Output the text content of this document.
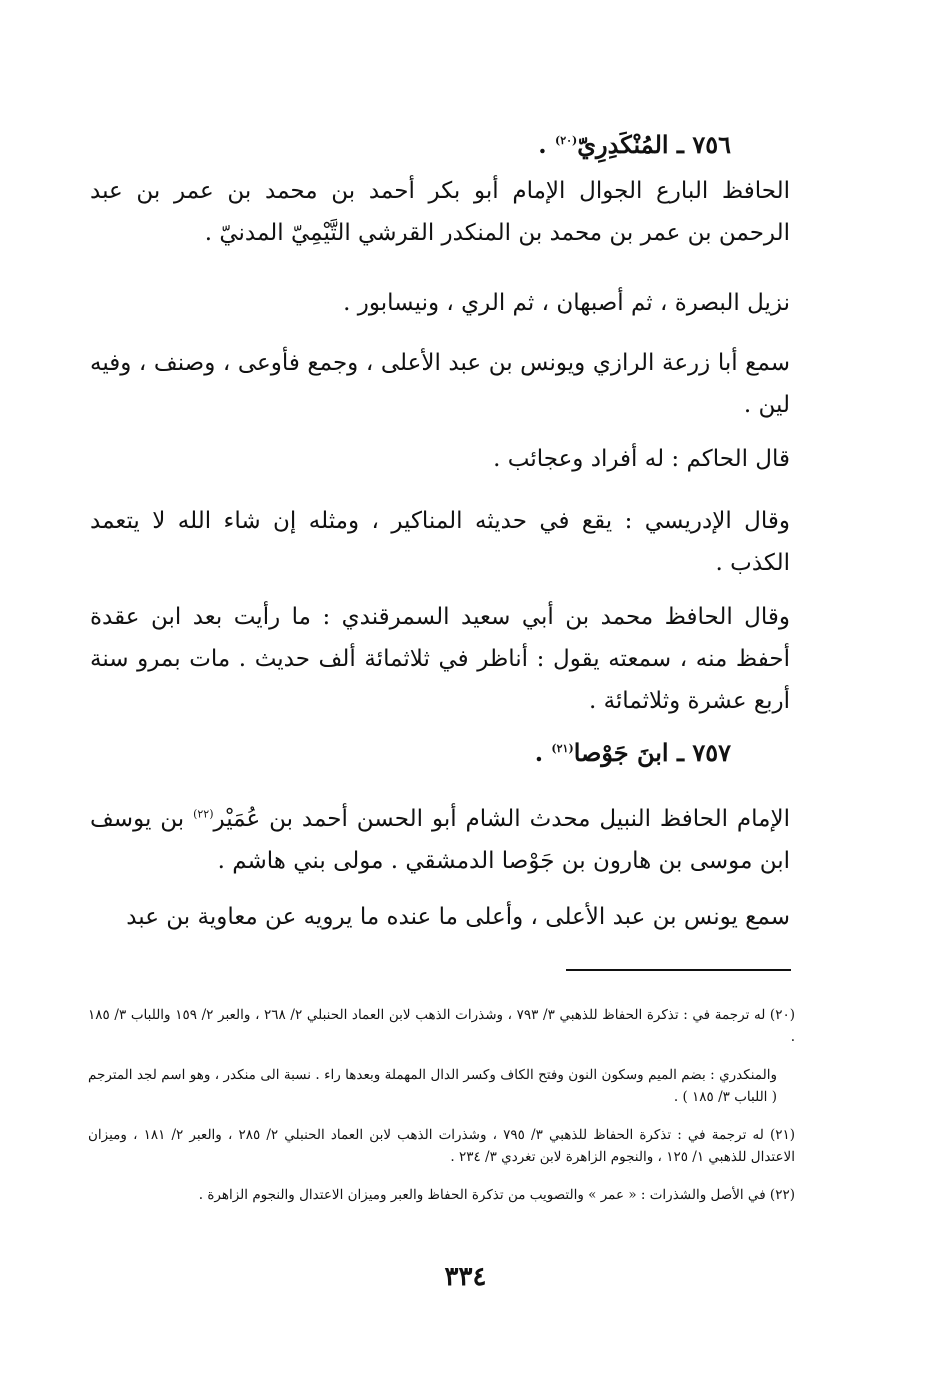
٧٥٦ ـ المُنْكَدِرِيّ$^{(٢٠)}$ .

الحافظ البارع الجوال الإمام أبو بكر أحمد بن محمد بن عمر بن عبد الرحمن بن عمر بن محمد بن المنكدر القرشي التَّيْمِيّ المدنيّ .

نزيل البصرة ، ثم أصبهان ، ثم الري ، ونيسابور .

سمع أبا زرعة الرازي ويونس بن عبد الأعلى ، وجمع فأوعى ، وصنف ، وفيه لين .

قال الحاكم : له أفراد وعجائب .

وقال الإدريسي : يقع في حديثه المناكير ، ومثله إن شاء الله لا يتعمد الكذب .

وقال الحافظ محمد بن أبي سعيد السمرقندي : ما رأيت بعد ابن عقدة أحفظ منه ، سمعته يقول : أناظر في ثلاثمائة ألف حديث . مات بمرو سنة أربع عشرة وثلاثمائة .

٧٥٧ ـ ابنَ جَوْصا$^{(٢١)}$ .

الإمام الحافظ النبيل محدث الشام أبو الحسن أحمد بن عُمَيْر$^{(٢٢)}$ بن يوسف ابن موسى بن هارون بن جَوْصا الدمشقي . مولى بني هاشم .

سمع يونس بن عبد الأعلى ، وأعلى ما عنده ما يرويه عن معاوية بن عبد

(٢٠) له ترجمة في : تذكرة الحفاظ للذهبي ٣/ ٧٩٣ ، وشذرات الذهب لابن العماد الحنبلي ٢/ ٢٦٨ ، والعبر ٢/ ١٥٩ واللباب ٣/ ١٨٥ .

والمنكدري : بضم الميم وسكون النون وفتح الكاف وكسر الدال المهملة وبعدها راء . نسبة الى منكدر ، وهو اسم لجد المترجم ( اللباب ٣/ ١٨٥ ) .

(٢١) له ترجمة في : تذكرة الحفاظ للذهبي ٣/ ٧٩٥ ، وشذرات الذهب لابن العماد الحنبلي ٢/ ٢٨٥ ، والعبر ٢/ ١٨١ ، وميزان الاعتدال للذهبي ١/ ١٢٥ ، والنجوم الزاهرة لابن تغردي ٣/ ٢٣٤ .

(٢٢) في الأصل والشذرات : « عمر » والتصويب من تذكرة الحفاظ والعبر وميزان الاعتدال والنجوم الزاهرة .

٣٣٤
